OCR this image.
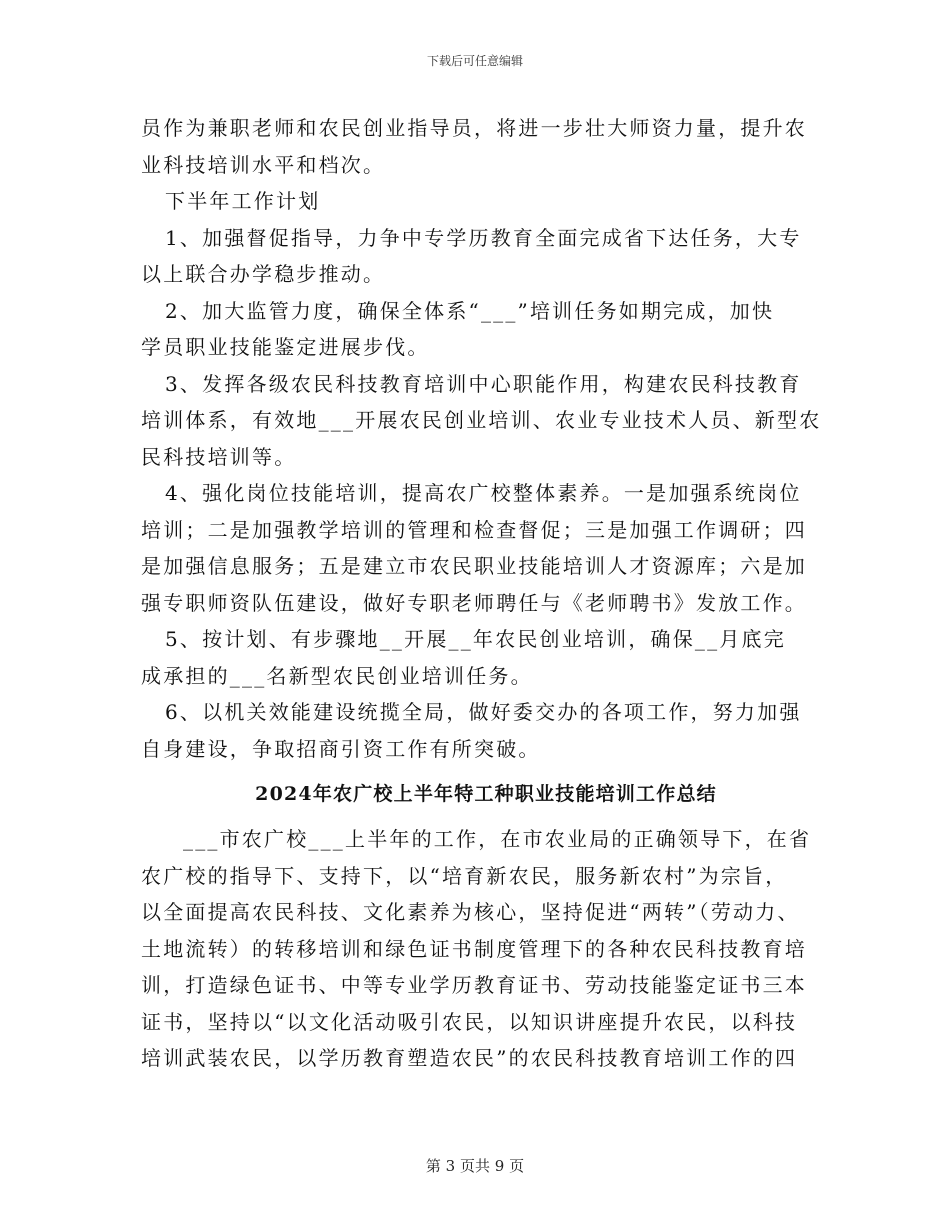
下载后可任意编辑
员作为兼职老师和农民创业指导员，将进一步壮大师资力量，提升农
业科技培训水平和档次。
下半年工作计划
1、加强督促指导，力争中专学历教育全面完成省下达任务，大专
以上联合办学稳步推动。
2、加大监管力度，确保全体系“___”培训任务如期完成，加快
学员职业技能鉴定进展步伐。
3、发挥各级农民科技教育培训中心职能作用，构建农民科技教育
培训体系，有效地___开展农民创业培训、农业专业技术人员、新型农
民科技培训等。
4、强化岗位技能培训，提高农广校整体素养。一是加强系统岗位
培训；二是加强教学培训的管理和检查督促；三是加强工作调研；四
是加强信息服务；五是建立市农民职业技能培训人才资源库；六是加
强专职师资队伍建设，做好专职老师聘任与《老师聘书》发放工作。
5、按计划、有步骤地__开展__年农民创业培训，确保__月底完
成承担的___名新型农民创业培训任务。
6、以机关效能建设统揽全局，做好委交办的各项工作，努力加强
自身建设，争取招商引资工作有所突破。
2024年农广校上半年特工种职业技能培训工作总结
___市农广校___上半年的工作，在市农业局的正确领导下，在省
农广校的指导下、支持下，以“培育新农民，服务新农村”为宗旨，
以全面提高农民科技、文化素养为核心，坚持促进“两转”（劳动力、
土地流转）的转移培训和绿色证书制度管理下的各种农民科技教育培
训，打造绿色证书、中等专业学历教育证书、劳动技能鉴定证书三本
证书，坚持以“以文化活动吸引农民，以知识讲座提升农民，以科技
培训武装农民，以学历教育塑造农民”的农民科技教育培训工作的四
第 3 页共 9 页
